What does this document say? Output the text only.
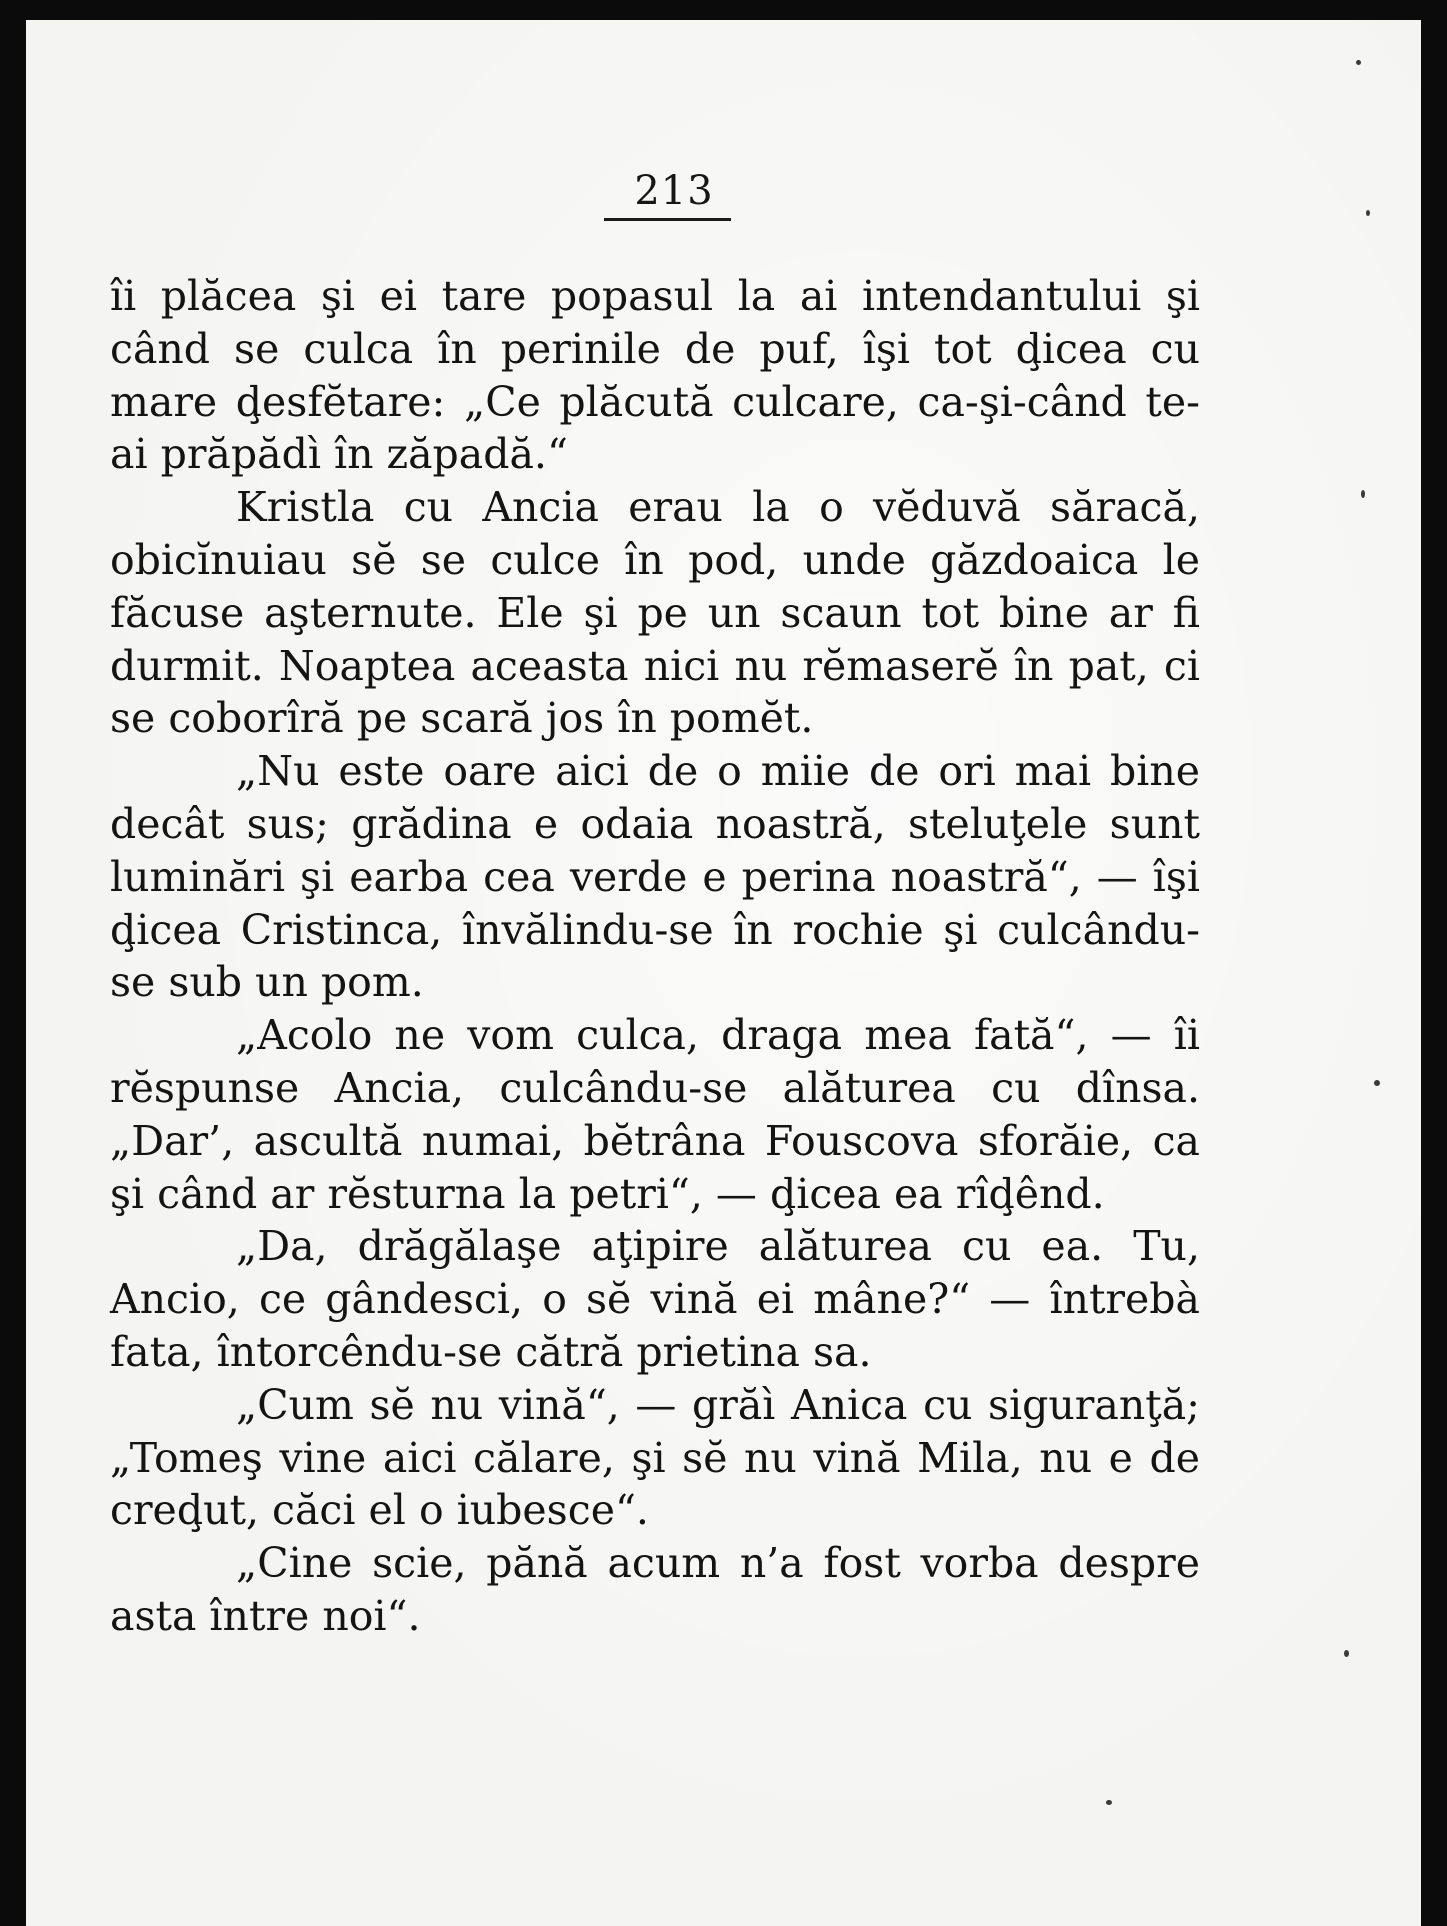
213

îi plăcea şi ei tare popasul la ai intendantului şi când se culca în perinile de puf, îşi tot ḑicea cu mare ḑesfĕtare: „Ce plăcută culcare, ca-şi-când te-ai prăpădì în zăpadă.“

Kristla cu Ancia erau la o vĕduvă săracă, obicĭnuiau sĕ se culce în pod, unde găzdoaica le făcuse aşternute. Ele şi pe un scaun tot bine ar fi durmit. Noaptea aceasta nici nu rĕmaserĕ în pat, ci se coborîră pe scară jos în pomĕt.

„Nu este oare aici de o miie de ori mai bine decât sus; grădina e odaia noastră, steluţele sunt luminări şi earba cea verde e perina noastră“, — îşi ḑicea Cristinca, învălindu-se în rochie şi culcându-se sub un pom.

„Acolo ne vom culca, draga mea fată“, — îi rĕspunse Ancia, culcându-se alăturea cu dînsa. „Dar’, ascultă numai, bĕtrâna Fouscova sforăie, ca şi când ar rĕsturna la petri“, — ḑicea ea rîḑênd.

„Da, drăgălaşe aţipire alăturea cu ea. Tu, Ancio, ce gândesci, o sĕ vină ei mâne?“ — întrebà fata, întorcêndu-se cătră prietina sa.

„Cum sĕ nu vină“, — grăì Anica cu siguranţă; „Tomeş vine aici călare, şi sĕ nu vină Mila, nu e de creḑut, căci el o iubesce“.

„Cine scie, pănă acum n’a fost vorba despre asta între noi“.
